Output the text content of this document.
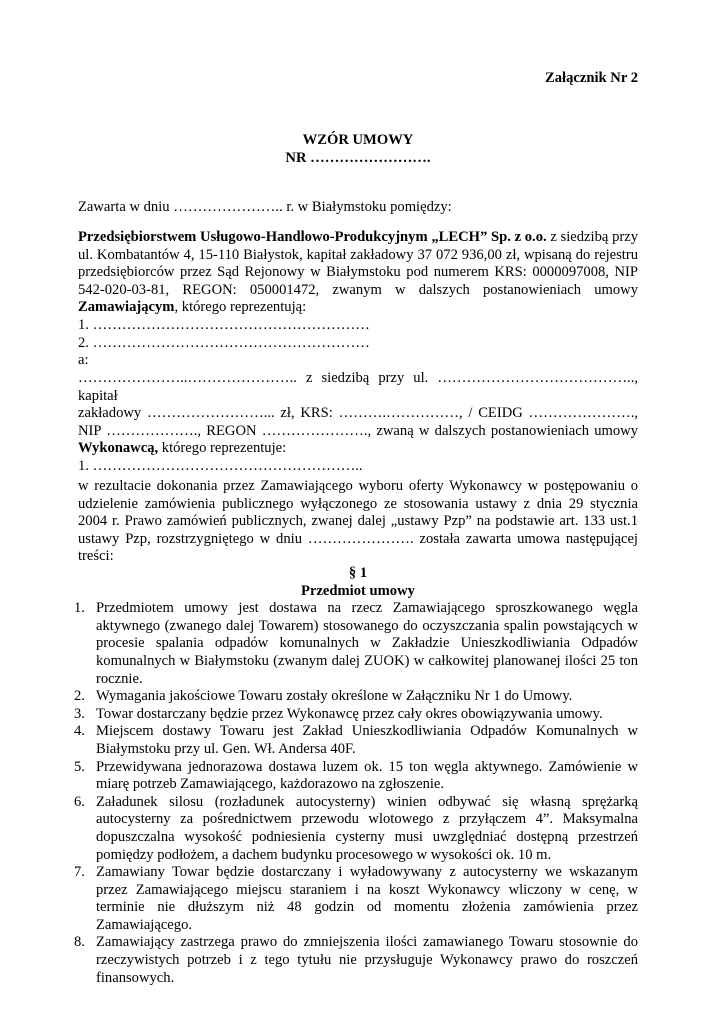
Załącznik Nr 2
WZÓR UMOWY
NR …………………….
Zawarta w dniu ………………….. r. w Białymstoku pomiędzy:
Przedsiębiorstwem Usługowo-Handlowo-Produkcyjnym „LECH” Sp. z o.o. z siedzibą przy
ul. Kombatantów 4, 15-110 Białystok, kapitał zakładowy 37 072 936,00 zł, wpisaną do rejestru
przedsiębiorców przez Sąd Rejonowy w Białymstoku pod numerem KRS: 0000097008, NIP
542-020-03-81, REGON: 050001472, zwanym w dalszych postanowieniach umowy
Zamawiającym, którego reprezentują:
1. …………………………………………………
2. …………………………………………………
a:
…………………..………………….. z siedzibą przy ul. ………………………………….., kapitał
zakładowy ……………………... zł, KRS: ……….……………, / CEIDG ………………….,
NIP ………………., REGON …………………., zwaną w dalszych postanowieniach umowy
Wykonawcą, którego reprezentuje:
1. ………………………………………………..
w rezultacie dokonania przez Zamawiającego wyboru oferty Wykonawcy w postępowaniu o
udzielenie zamówienia publicznego wyłączonego ze stosowania ustawy z dnia 29 stycznia
2004 r. Prawo zamówień publicznych, zwanej dalej „ustawy Pzp” na podstawie art. 133 ust.1
ustawy Pzp, rozstrzygniętego w dniu …………………. została zawarta umowa następującej
treści:
§ 1
Przedmiot umowy
1. Przedmiotem umowy jest dostawa na rzecz Zamawiającego sproszkowanego węgla aktywnego (zwanego dalej Towarem) stosowanego do oczyszczania spalin powstających w procesie spalania odpadów komunalnych w Zakładzie Unieszkodliwiania Odpadów komunalnych w Białymstoku (zwanym dalej ZUOK) w całkowitej planowanej ilości 25 ton rocznie.
2. Wymagania jakościowe Towaru zostały określone w Załączniku Nr 1 do Umowy.
3. Towar dostarczany będzie przez Wykonawcę przez cały okres obowiązywania umowy.
4. Miejscem dostawy Towaru jest Zakład Unieszkodliwiania Odpadów Komunalnych w Białymstoku przy ul. Gen. Wł. Andersa 40F.
5. Przewidywana jednorazowa dostawa luzem ok. 15 ton węgla aktywnego. Zamówienie w miarę potrzeb Zamawiającego, każdorazowo na zgłoszenie.
6. Załadunek silosu (rozładunek autocysterny) winien odbywać się własną sprężarką autocysterny za pośrednictwem przewodu wlotowego z przyłączem 4”. Maksymalna dopuszczalna wysokość podniesienia cysterny musi uwzględniać dostępną przestrzeń pomiędzy podłożem, a dachem budynku procesowego w wysokości ok. 10 m.
7. Zamawiany Towar będzie dostarczany i wyładowywany z autocysterny we wskazanym przez Zamawiającego miejscu staraniem i na koszt Wykonawcy wliczony w cenę, w terminie nie dłuższym niż 48 godzin od momentu złożenia zamówienia przez Zamawiającego.
8. Zamawiający zastrzega prawo do zmniejszenia ilości zamawianego Towaru stosownie do rzeczywistych potrzeb i z tego tytułu nie przysługuje Wykonawcy prawo do roszczeń finansowych.
